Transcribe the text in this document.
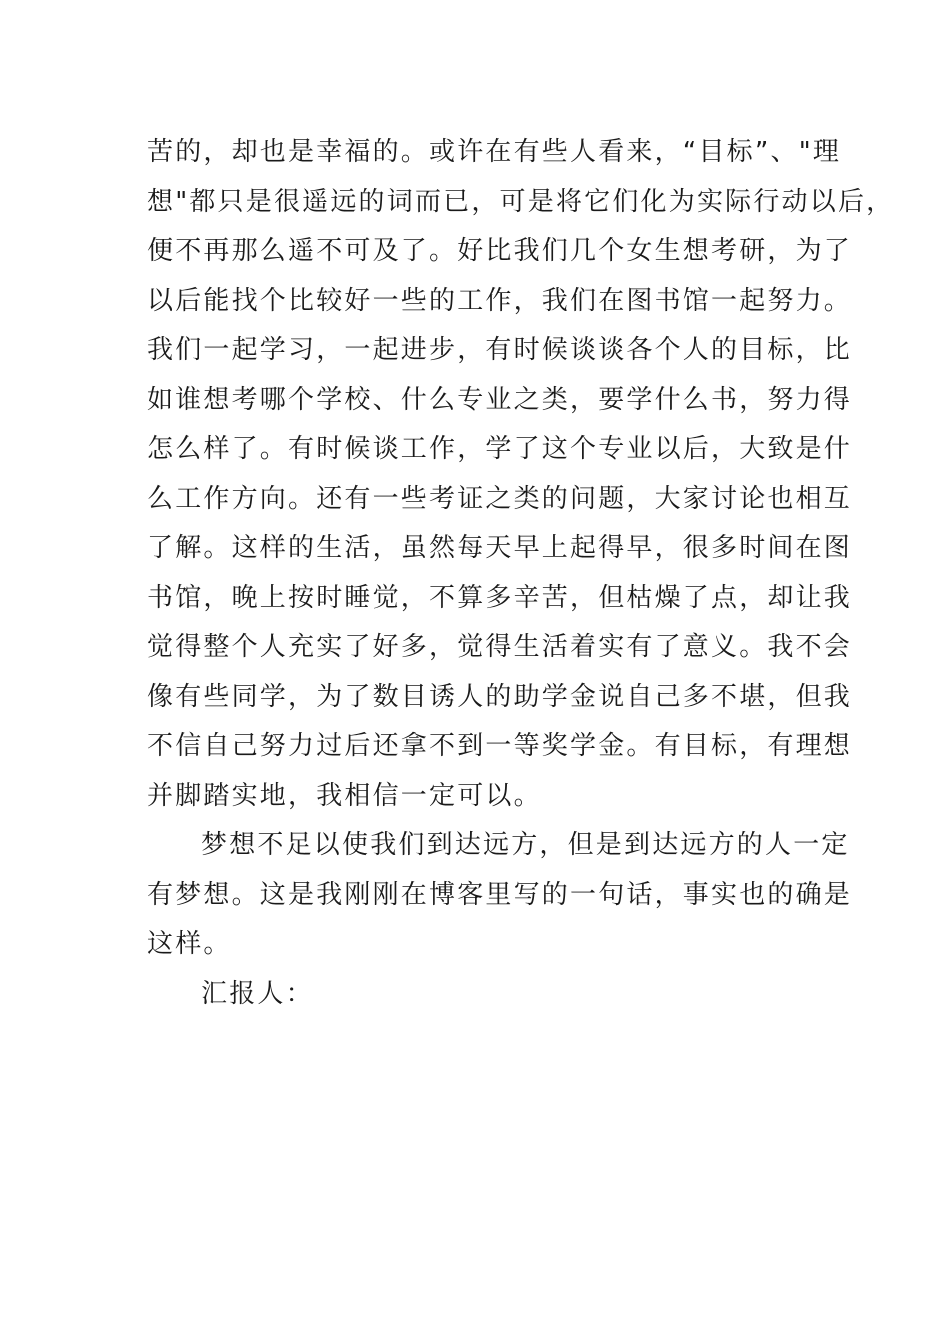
苦的，却也是幸福的。或许在有些人看来，“目标”、"理
想"都只是很遥远的词而已，可是将它们化为实际行动以后，
便不再那么遥不可及了。好比我们几个女生想考研，为了
以后能找个比较好一些的工作，我们在图书馆一起努力。
我们一起学习，一起进步，有时候谈谈各个人的目标，比
如谁想考哪个学校、什么专业之类，要学什么书，努力得
怎么样了。有时候谈工作，学了这个专业以后，大致是什
么工作方向。还有一些考证之类的问题，大家讨论也相互
了解。这样的生活，虽然每天早上起得早，很多时间在图
书馆，晚上按时睡觉，不算多辛苦，但枯燥了点，却让我
觉得整个人充实了好多，觉得生活着实有了意义。我不会
像有些同学，为了数目诱人的助学金说自己多不堪，但我
不信自己努力过后还拿不到一等奖学金。有目标，有理想
并脚踏实地，我相信一定可以。
梦想不足以使我们到达远方，但是到达远方的人一定
有梦想。这是我刚刚在博客里写的一句话，事实也的确是
这样。
汇报人：
